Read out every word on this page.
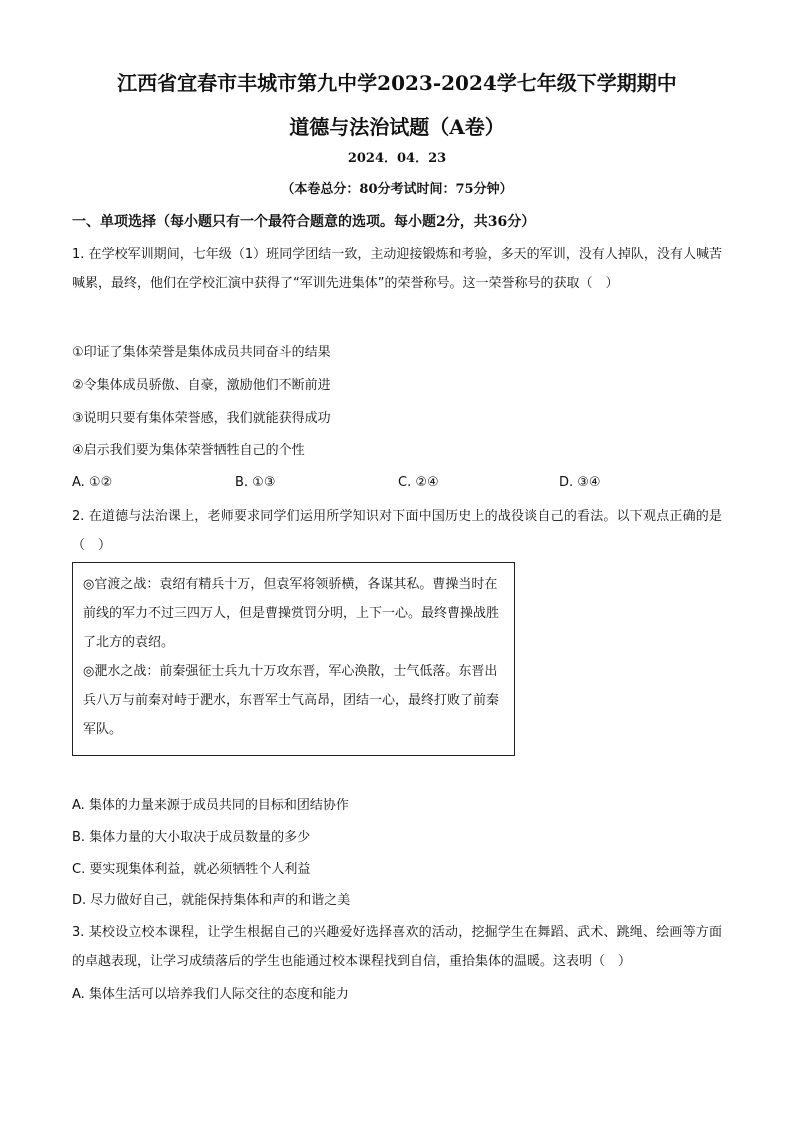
江西省宜春市丰城市第九中学2023-2024学七年级下学期期中
道德与法治试题（A卷）
2024．04．23
（本卷总分：80分考试时间：75分钟）
一、单项选择（每小题只有一个最符合题意的选项。每小题2分，共36分）
1. 在学校军训期间，七年级（1）班同学团结一致，主动迎接锻炼和考验，多天的军训，没有人掉队，没有人喊苦喊累，最终，他们在学校汇演中获得了“军训先进集体”的荣誉称号。这一荣誉称号的获取（　）
①印证了集体荣誉是集体成员共同奋斗的结果
②令集体成员骄傲、自豪，激励他们不断前进
③说明只要有集体荣誉感，我们就能获得成功
④启示我们要为集体荣誉牺牲自己的个性
A. ①②	B. ①③	C. ②④	D. ③④
2. 在道德与法治课上，老师要求同学们运用所学知识对下面中国历史上的战役谈自己的看法。以下观点正确的是（　）

◎官渡之战：袁绍有精兵十万，但袁军将领骄横，各谋其私。曹操当时在前线的军力不过三四万人，但是曹操赏罚分明，上下一心。最终曹操战胜了北方的袁绍。

◎淝水之战：前秦强征士兵九十万攻东晋，军心涣散，士气低落。东晋出兵八万与前秦对峙于淝水，东晋军士气高昂，团结一心，最终打败了前秦军队。

A. 集体的力量来源于成员共同的目标和团结协作
B. 集体力量的大小取决于成员数量的多少
C. 要实现集体利益，就必须牺牲个人利益
D. 尽力做好自己，就能保持集体和声的和谐之美
3. 某校设立校本课程，让学生根据自己的兴趣爱好选择喜欢的活动，挖掘学生在舞蹈、武术、跳绳、绘画等方面的卓越表现，让学习成绩落后的学生也能通过校本课程找到自信，重拾集体的温暖。这表明（　）
A. 集体生活可以培养我们人际交往的态度和能力
